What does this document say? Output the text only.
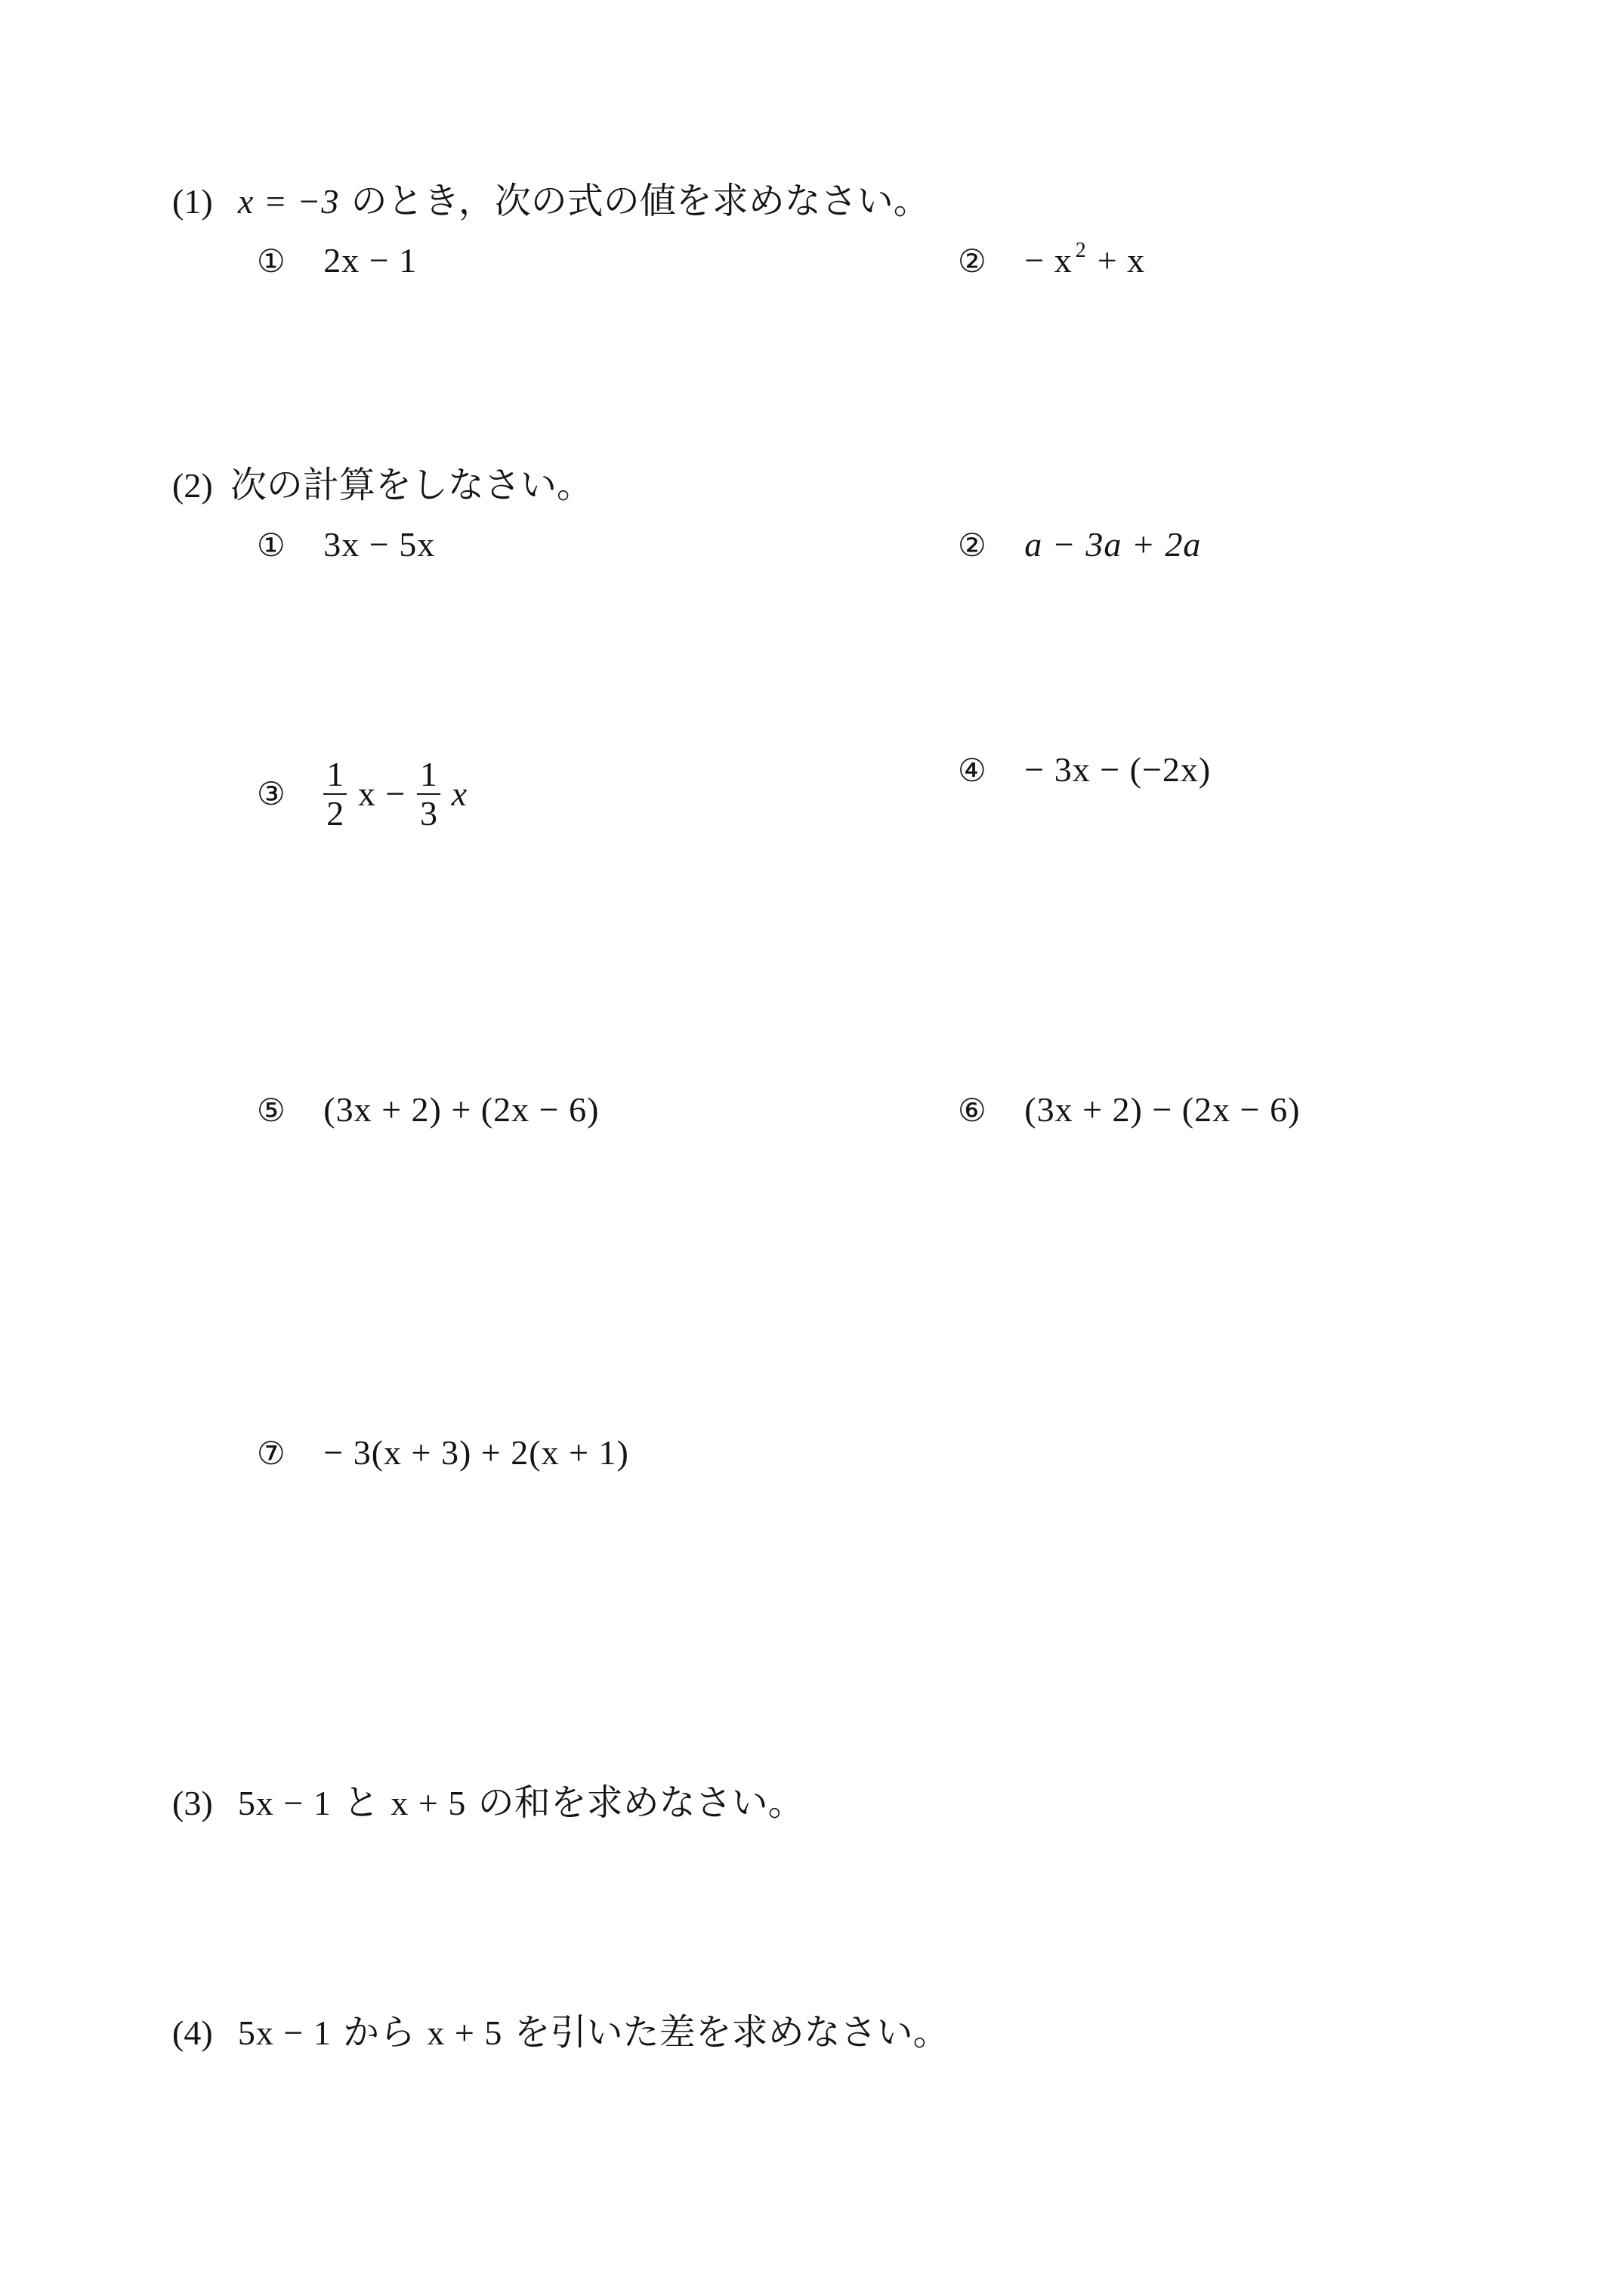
(1) x = −3 のとき，次の式の値を求めなさい。
① 2x − 1	② − x $^2$ + x
(2) 次の計算をしなさい。
① 3x − 5x	② a − 3a + 2a
③ $\frac{1}{2}$ $x - \frac{1}{3}$ x
④ − 3x − (−2x)
⑤ (3x + 2) + (2x − 6)	⑥ (3x + 2) − (2x − 6)
⑦ − 3(x + 3) + 2(x + 1)
(3) 5x − 1 と x + 5 の和を求めなさい。
(4) 5x − 1 から x + 5 を引いた差を求めなさい。
